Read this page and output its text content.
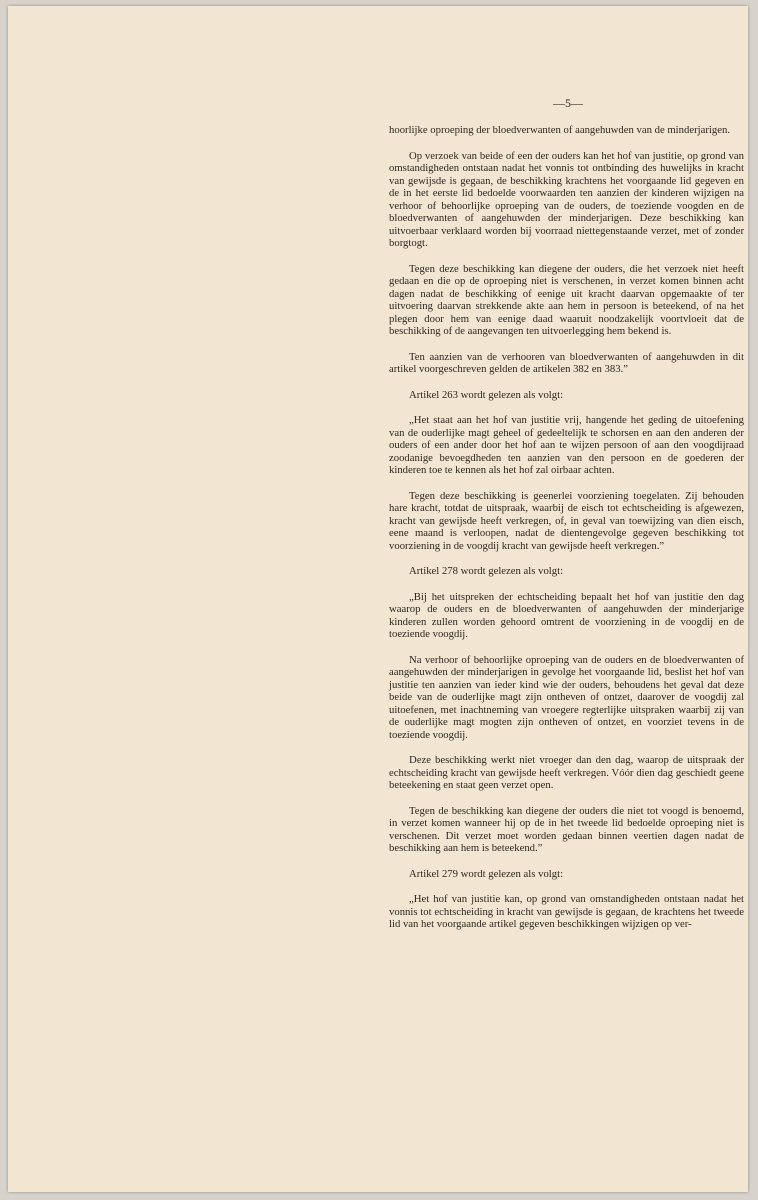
—5—

hoorlijke oproeping der bloedverwanten of aangehuwden van de minderjarigen.

Op verzoek van beide of een der ouders kan het hof van justitie, op grond van omstandigheden ontstaan nadat het vonnis tot ontbinding des huwelijks in kracht van gewijsde is gegaan, de beschikking krachtens het voorgaande lid gegeven en de in het eerste lid bedoelde voorwaarden ten aanzien der kinderen wijzigen na verhoor of behoorlijke oproeping van de ouders, de toeziende voogden en de bloedverwanten of aangehuwden der minderjarigen. Deze beschikking kan uitvoerbaar verklaard worden bij voorraad niettegenstaande verzet, met of zonder borgtogt.

Tegen deze beschikking kan diegene der ouders, die het verzoek niet heeft gedaan en die op de oproeping niet is verschenen, in verzet komen binnen acht dagen nadat de beschikking of eenige uit kracht daarvan opgemaakte of ter uitvoering daarvan strekkende akte aan hem in persoon is beteekend, of na het plegen door hem van eenige daad waaruit noodzakelijk voortvloeit dat de beschikking of de aangevangen ten uitvoerlegging hem bekend is.

Ten aanzien van de verhooren van bloedverwanten of aangehuwden in dit artikel voorgeschreven gelden de artikelen 382 en 383.”

Artikel 263 wordt gelezen als volgt:

„Het staat aan het hof van justitie vrij, hangende het geding de uitoefening van de ouderlijke magt geheel of gedeeltelijk te schorsen en aan den anderen der ouders of een ander door het hof aan te wijzen persoon of aan den voogdijraad zoodanige bevoegdheden ten aanzien van den persoon en de goederen der kinderen toe te kennen als het hof zal oirbaar achten.

Tegen deze beschikking is geenerlei voorziening toegelaten. Zij behouden hare kracht, totdat de uitspraak, waarbij de eisch tot echtscheiding is afgewezen, kracht van gewijsde heeft verkregen, of, in geval van toewijzing van dien eisch, eene maand is verloopen, nadat de dientengevolge gegeven beschikking tot voorziening in de voogdij kracht van gewijsde heeft verkregen.”

Artikel 278 wordt gelezen als volgt:

„Bij het uitspreken der echtscheiding bepaalt het hof van justitie den dag waarop de ouders en de bloedverwanten of aangehuwden der minderjarige kinderen zullen worden gehoord omtrent de voorziening in de voogdij en de toeziende voogdij.

Na verhoor of behoorlijke oproeping van de ouders en de bloedverwanten of aangehuwden der minderjarigen in gevolge het voorgaande lid, beslist het hof van justitie ten aanzien van ieder kind wie der ouders, behoudens het geval dat deze beide van de ouderlijke magt zijn ontheven of ontzet, daarover de voogdij zal uitoefenen, met inachtneming van vroegere regterlijke uitspraken waarbij zij van de ouderlijke magt mogten zijn ontheven of ontzet, en voorziet tevens in de toeziende voogdij.

Deze beschikking werkt niet vroeger dan den dag, waarop de uitspraak der echtscheiding kracht van gewijsde heeft verkregen. Vóór dien dag geschiedt geene beteekening en staat geen verzet open.

Tegen de beschikking kan diegene der ouders die niet tot voogd is benoemd, in verzet komen wanneer hij op de in het tweede lid bedoelde oproeping niet is verschenen. Dit verzet moet worden gedaan binnen veertien dagen nadat de beschikking aan hem is beteekend.”

Artikel 279 wordt gelezen als volgt:

„Het hof van justitie kan, op grond van omstandigheden ontstaan nadat het vonnis tot echtscheiding in kracht van gewijsde is gegaan, de krachtens het tweede lid van het voorgaande artikel gegeven beschikkingen wijzigen op ver-
